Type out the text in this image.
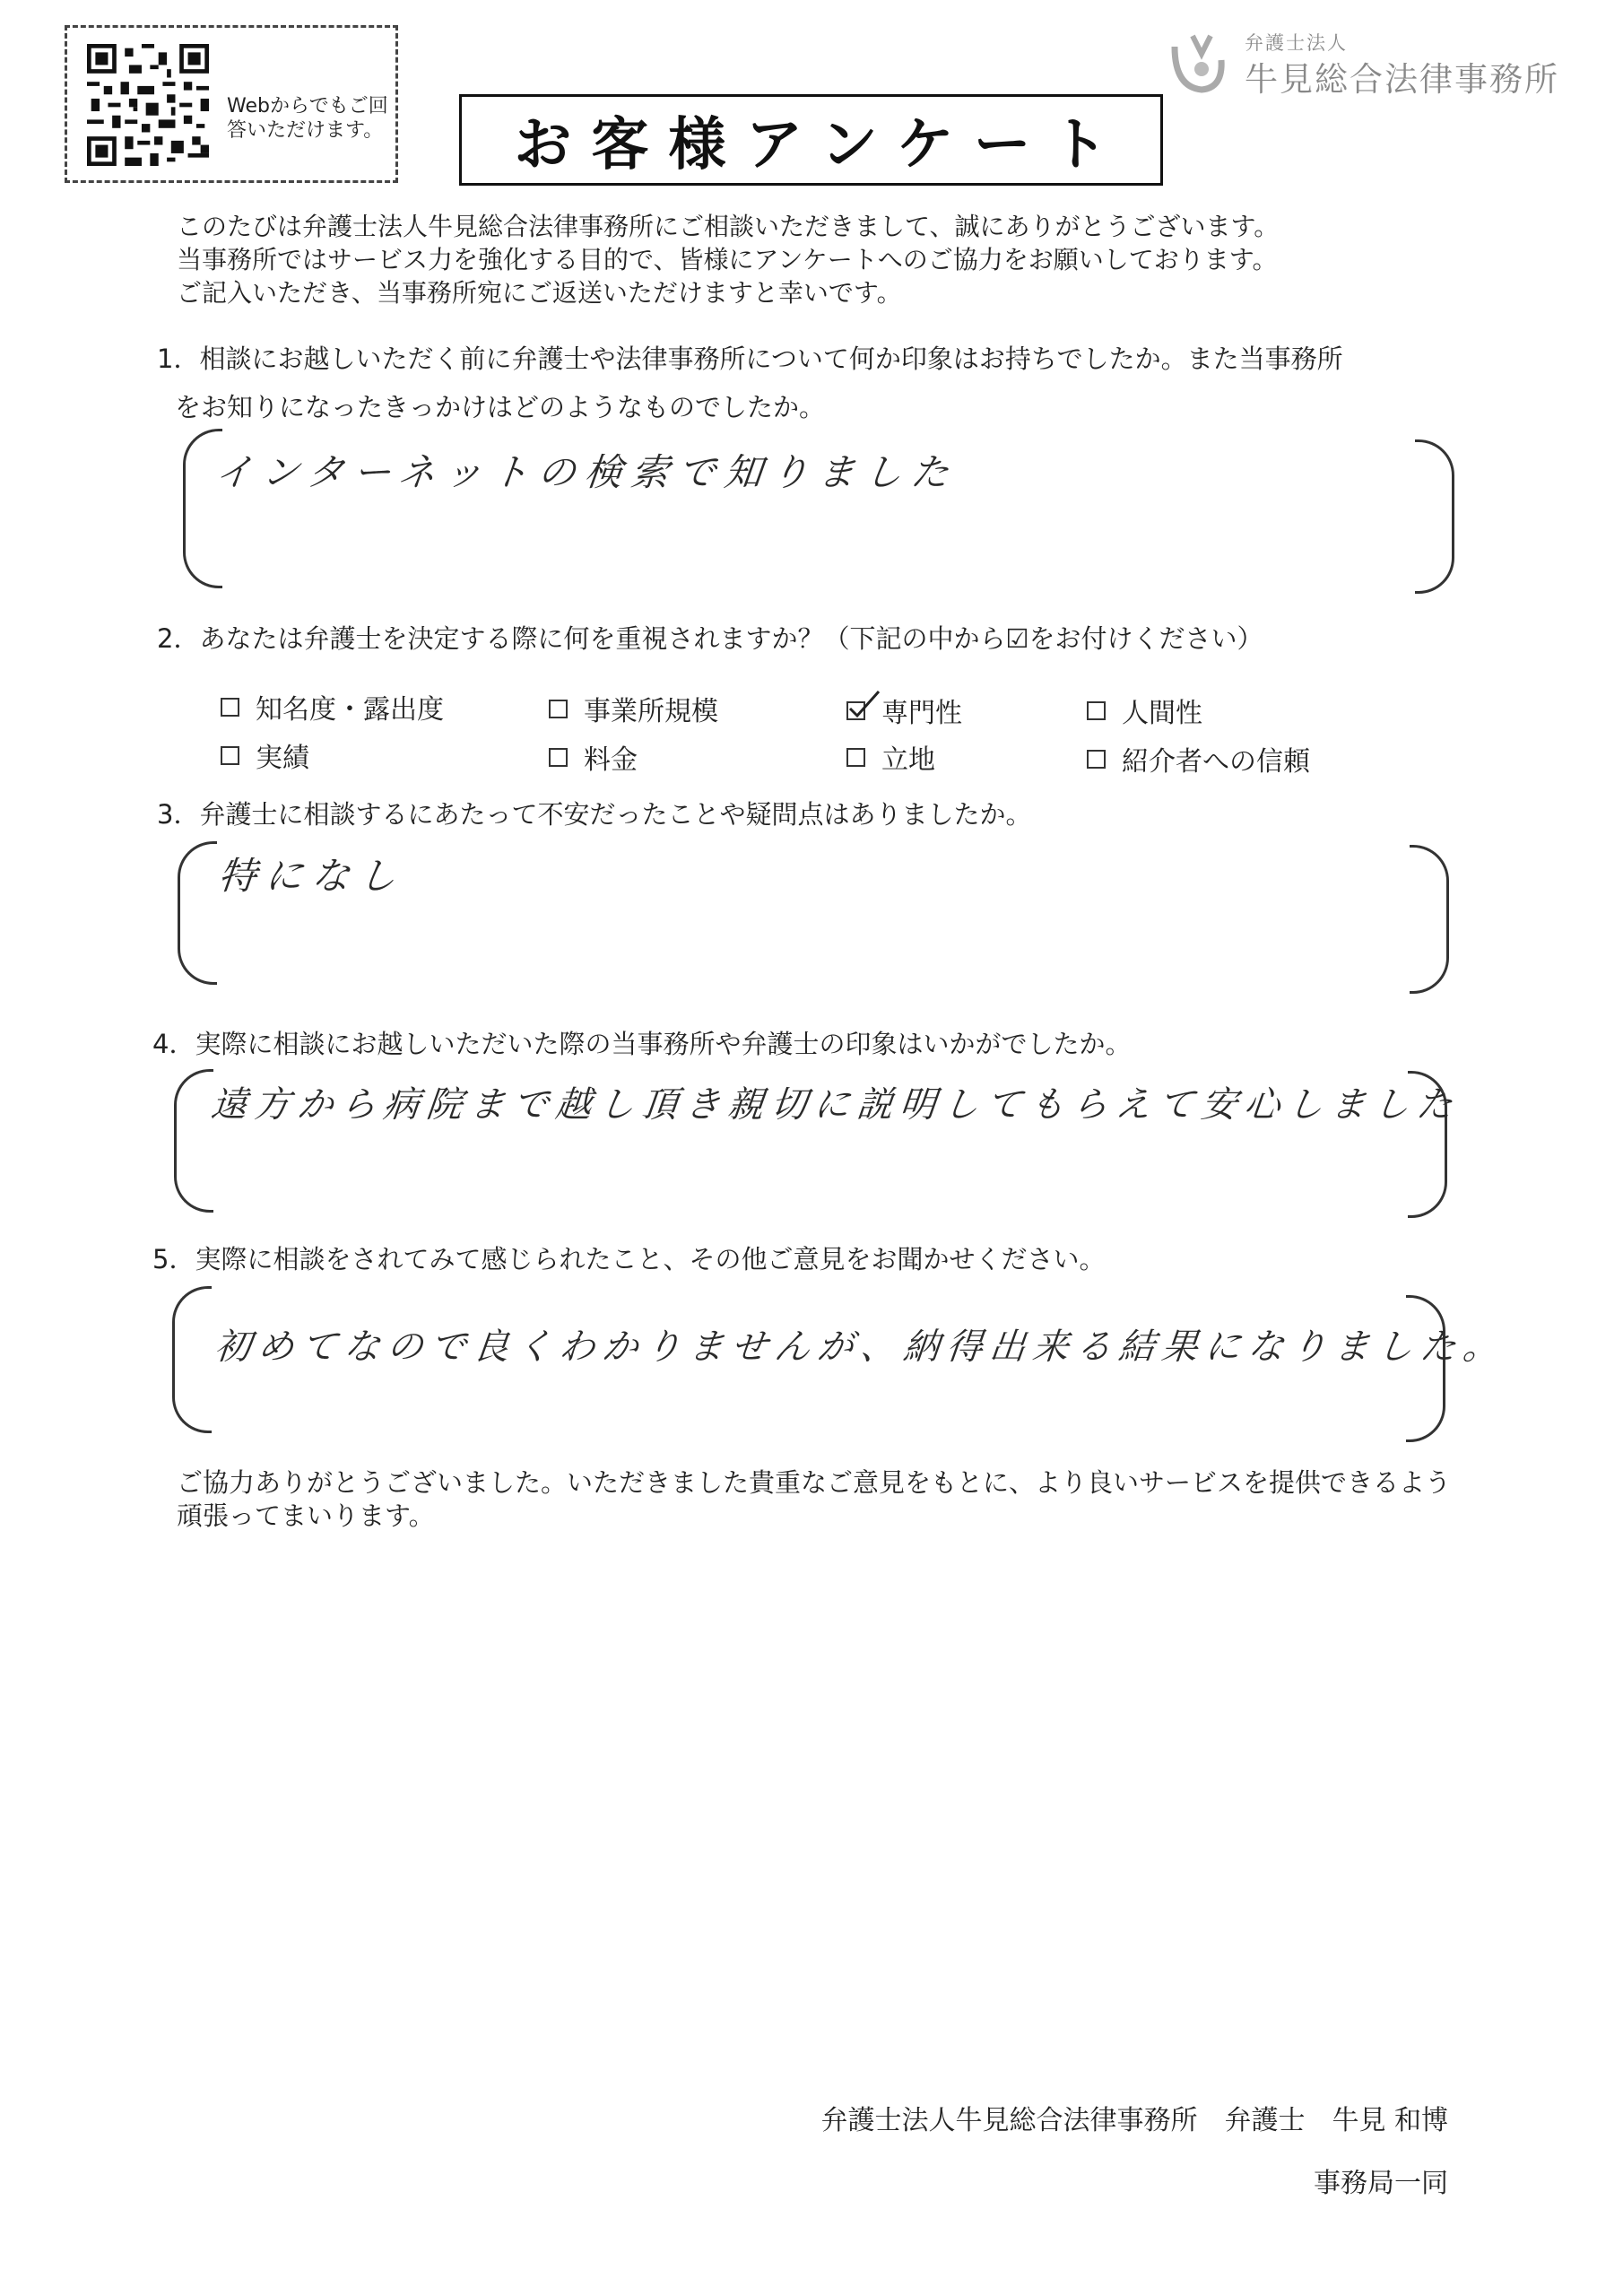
Webからでもご回答いただけます。
弁護士法人
牛見総合法律事務所
お客様アンケート
このたびは弁護士法人牛見総合法律事務所にご相談いただきまして、誠にありがとうございます。
当事務所ではサービス力を強化する目的で、皆様にアンケートへのご協力をお願いしております。
ご記入いただき、当事務所宛にご返送いただけますと幸いです。
1．相談にお越しいただく前に弁護士や法律事務所について何か印象はお持ちでしたか。また当事務所
をお知りになったきっかけはどのようなものでしたか。
インターネットの検索で知りました
2．あなたは弁護士を決定する際に何を重視されますか？（下記の中から☑をお付けください）
知名度・露出度	事業所規模	専門性	人間性
実績	料金	立地	紹介者への信頼
3．弁護士に相談するにあたって不安だったことや疑問点はありましたか。
特になし
4．実際に相談にお越しいただいた際の当事務所や弁護士の印象はいかがでしたか。
遠方から病院まで越し頂き親切に説明してもらえて安心しました
5．実際に相談をされてみて感じられたこと、その他ご意見をお聞かせください。
初めてなので良くわかりませんが、納得出来る結果になりました。
ご協力ありがとうございました。いただきました貴重なご意見をもとに、より良いサービスを提供できるよう
頑張ってまいります。
弁護士法人牛見総合法律事務所　弁護士　牛見 和博
事務局一同
